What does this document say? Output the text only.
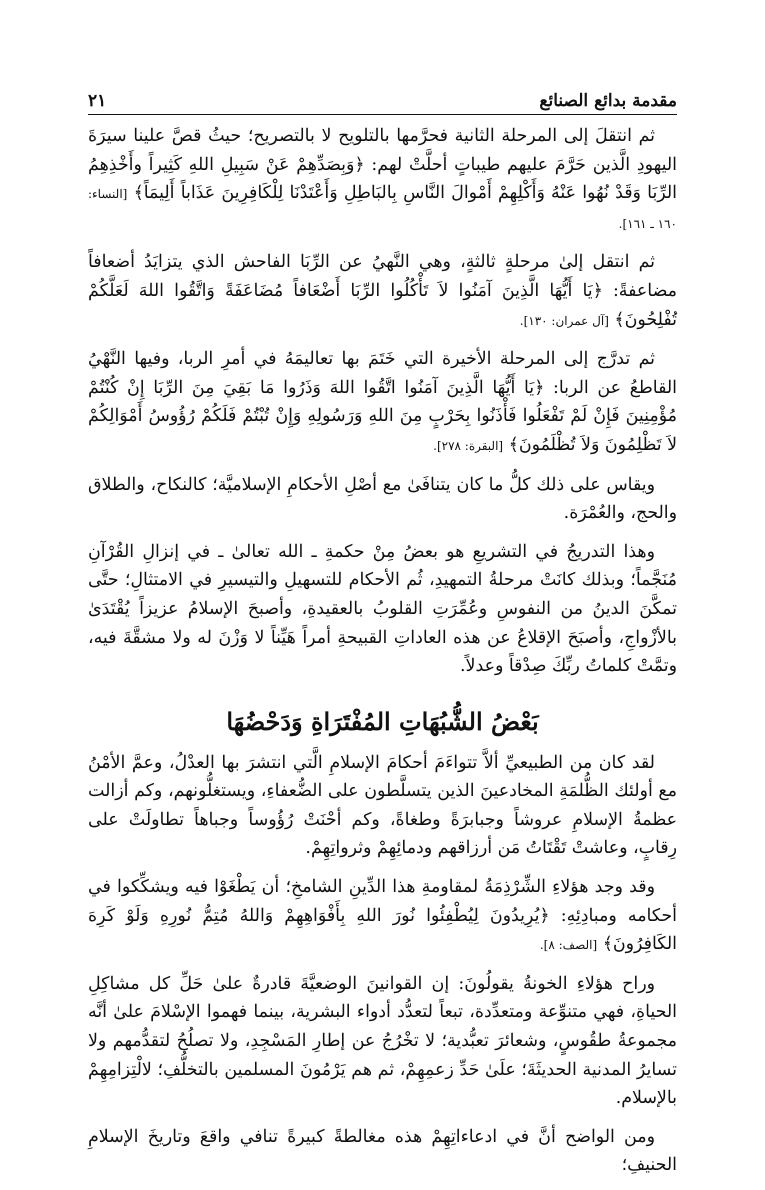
مقدمة بدائع الصنائع
٢١

ثم انتقلَ إلى المرحلة الثانية فحرَّمها بالتلويح لا بالتصريح؛ حيثُ قصَّ علينا سيرَةَ اليهودِ الَّذين حَرَّمَ عليهم طيباتٍ أحلَّتْ لهم: ﴿وَبِصَدِّهِمْ عَنْ سَبِيلِ اللهِ كَثِيراً وأَخْذِهِمُ الرِّبَا وَقَدْ نُهُوا عَنْهُ وَأَكْلِهِمْ أَمْوالَ النَّاسِ بِالبَاطِلِ وَأَعْتَدْنَا لِلْكَافِرِينَ عَذَاباً أَلِيمَاً﴾ [النساء: ١٦٠ ـ ١٦١].

ثم انتقل إلىٰ مرحلةٍ ثالثةٍ، وهي النَّهيُ عن الرِّبَا الفاحش الذي يتزايَدُ أضعافاً مضاعفةً: ﴿يَا أَيُّهَا الَّذِينَ آمَنُوا لاَ تَأْكُلُوا الرِّبَا أَضْعَافاً مُضَاعَفَةً وَاتَّقُوا اللهَ لَعَلَّكُمْ تُفْلِحُونَ﴾ [آل عمران: ١٣٠].

ثم تدرَّج إلى المرحلة الأخيرة التي خَتَمَ بها تعاليمَهُ في أمرِ الربا، وفيها النَّهْيُ القاطعُ عن الربا: ﴿يَا أَيُّهَا الَّذِينَ آمَنُوا اتَّقُوا اللهَ وَذَرُوا مَا بَقِيَ مِنَ الرِّبَا إِنْ كُنْتُمْ مُؤْمِنِينَ فَإِنْ لَمْ تَفْعَلُوا فَأْذَنُوا بِحَرْبٍ مِنَ اللهِ وَرَسُولِهِ وَإِنْ تُبْتُمْ فَلَكُمْ رُؤُوسُ أَمْوَالِكُمْ لاَ تَظْلِمُونَ وَلاَ تُظْلَمُونَ﴾ [البقرة: ٢٧٨].

ويقاس على ذلك كلُّ ما كان يتنافَىٰ مع أصْلِ الأحكامِ الإسلاميَّة؛ كالنكاح، والطلاق والحج، والعُمْرَة.

وهذا التدريجُ في التشريعِ هو بعضُ مِنْ حكمةِ ـ الله تعالىٰ ـ في إنزالِ القُرْآنِ مُنَجَّماً؛ وبذلك كانَتْ مرحلةُ التمهيدِ، ثُم الأحكام للتسهيلِ والتيسيرِ في الامتثالِ؛ حتَّى تمكَّنَ الدينُ من النفوسِ وعُمِّرَتِ القلوبُ بالعقيدةِ، وأصبحَ الإسلامُ عزيزاً يُقْتَدَىٰ بالأزْواجِ، وأصبَحَ الإقلاعُ عن هذه العاداتِ القبيحةِ أمراً هَيِّناً لا وَزْنَ له ولا مشقَّةَ فيه، وتمَّتْ كلماتُ ربِّكَ صِدْقاً وعدلاً.

بَعْضُ الشُّبُهَاتِ المُفْتَرَاةِ وَدَحْضُهَا

لقد كان من الطبيعيِّ ألاَّ تتواءَمَ أحكامَ الإسلامِ الَّتي انتشرَ بها العدْلُ، وعمَّ الأمْنُ مع أولئك الظُّلمَةِ المخادعينَ الذين يتسلَّطون على الضُّعفاءِ، ويستغلُّونهم، وكم أزالت عظمةُ الإسلامِ عروشاً وجبابرَةً وطغاةً، وكم أحْنَتْ رُؤُوساً وجباهاً تطاولَتْ على رِقابٍ، وعاشتْ تَقْتَاتُ مَن أرزاقهم ودمائِهِمْ وثرواتِهِمْ.

وقد وجد هؤلاءِ الشِّرْذِمَةُ لمقاومةِ هذا الدِّينِ الشامخِ؛ أن يَطْغَوْا فيه ويشكِّكوا في أحكامه ومبادِئِهِ: ﴿يُرِيدُونَ لِيُطْفِئُوا نُورَ اللهِ بِأَفْوَاهِهِمْ وَاللهُ مُتِمُّ نُورِهِ وَلَوْ كَرِهَ الكَافِرُونَ﴾ [الصف: ٨].

وراح هؤلاءِ الخونةُ يقولُونَ: إن القوانينَ الوضعيَّةَ قادرةٌ علىٰ حَلِّ كل مشاكِلِ الحياةِ، فهي متنوِّعة ومتعدِّدة، تبعاً لتعدُّد أدواء البشرية، بينما فهموا الإسْلامَ علىٰ أنَّه مجموعةُ طقُوسٍ، وشعائرَ تعبُّدية؛ لا تخْرُجُ عن إطارِ المَسْجِدِ، ولا تصلُحُ لتقدُّمهم ولا تسايرُ المدنية الحديثَةَ؛ علَىٰ حَدِّ زعمِهِمْ، ثم هم يَرْمُونَ المسلمين بالتخلُّفِ؛ لالْتِزامِهِمْ بالإسلام.

ومن الواضح أنَّ في ادعاءاتِهِمْ هذه مغالطةً كبيرةً تنافي واقعَ وتاريخَ الإسلامِ الحنيفِ؛
